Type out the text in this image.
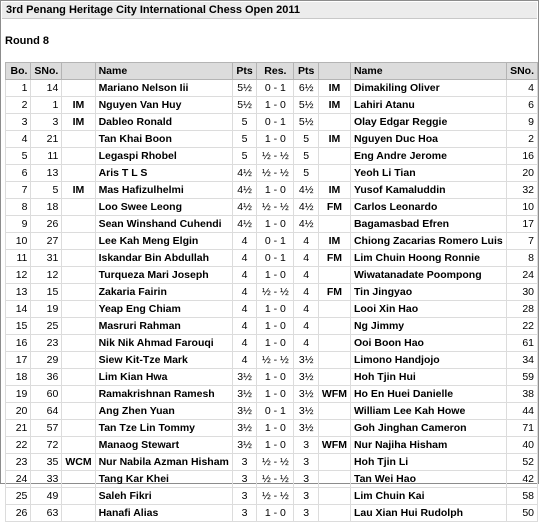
3rd Penang Heritage City International Chess Open 2011
Round 8
Bo.	SNo.		Name	Pts	Res.	Pts		Name	SNo.
1	14		Mariano Nelson Iii	5½	0 - 1	6½	IM	Dimakiling Oliver	4
2	1	IM	Nguyen Van Huy	5½	1 - 0	5½	IM	Lahiri Atanu	6
3	3	IM	Dableo Ronald	5	0 - 1	5½		Olay Edgar Reggie	9
4	21		Tan Khai Boon	5	1 - 0	5	IM	Nguyen Duc Hoa	2
5	11		Legaspi Rhobel	5	½ - ½	5		Eng Andre Jerome	16
6	13		Aris T L S	4½	½ - ½	5		Yeoh Li Tian	20
7	5	IM	Mas Hafizulhelmi	4½	1 - 0	4½	IM	Yusof Kamaluddin	32
8	18		Loo Swee Leong	4½	½ - ½	4½	FM	Carlos Leonardo	10
9	26		Sean Winshand Cuhendi	4½	1 - 0	4½		Bagamasbad Efren	17
10	27		Lee Kah Meng Elgin	4	0 - 1	4	IM	Chiong Zacarias Romero Luis	7
11	31		Iskandar Bin Abdullah	4	0 - 1	4	FM	Lim Chuin Hoong Ronnie	8
12	12		Turqueza Mari Joseph	4	1 - 0	4		Wiwatanadate Poompong	24
13	15		Zakaria Fairin	4	½ - ½	4	FM	Tin Jingyao	30
14	19		Yeap Eng Chiam	4	1 - 0	4		Looi Xin Hao	28
15	25		Masruri Rahman	4	1 - 0	4		Ng Jimmy	22
16	23		Nik Nik Ahmad Farouqi	4	1 - 0	4		Ooi Boon Hao	61
17	29		Siew Kit-Tze Mark	4	½ - ½	3½		Limono Handjojo	34
18	36		Lim Kian Hwa	3½	1 - 0	3½		Hoh Tjin Hui	59
19	60		Ramakrishnan Ramesh	3½	1 - 0	3½	WFM	Ho En Huei Danielle	38
20	64		Ang Zhen Yuan	3½	0 - 1	3½		William Lee Kah Howe	44
21	57		Tan Tze Lin Tommy	3½	1 - 0	3½		Goh Jinghan Cameron	71
22	72		Manaog Stewart	3½	1 - 0	3	WFM	Nur Najiha Hisham	40
23	35	WCM	Nur Nabila Azman Hisham	3	½ - ½	3		Hoh Tjin Li	52
24	33		Tang Kar Khei	3	½ - ½	3		Tan Wei Hao	42
25	49		Saleh Fikri	3	½ - ½	3		Lim Chuin Kai	58
26	63		Hanafi Alias	3	1 - 0	3		Lau Xian Hui Rudolph	50
